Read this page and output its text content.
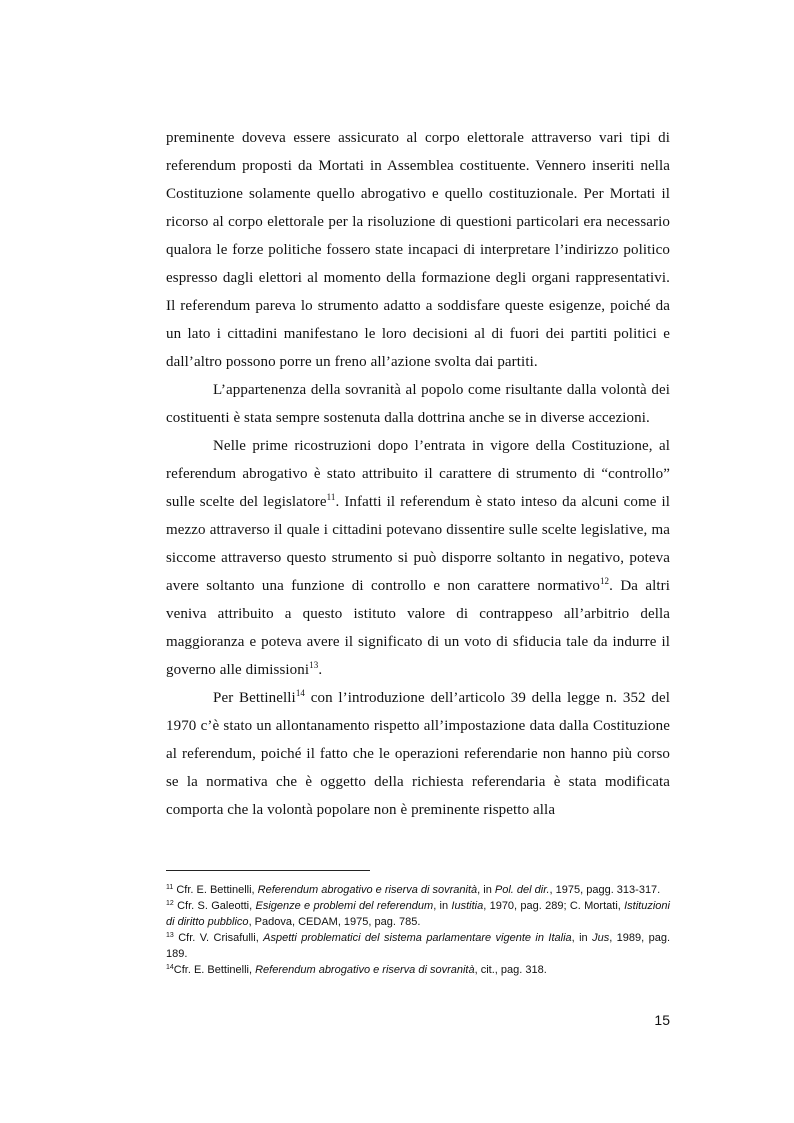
preminente doveva essere assicurato al corpo elettorale attraverso vari tipi di referendum proposti da Mortati in Assemblea costituente. Vennero inseriti nella Costituzione solamente quello abrogativo e quello costituzionale. Per Mortati il ricorso al corpo elettorale per la risoluzione di questioni particolari era necessario qualora le forze politiche fossero state incapaci di interpretare l’indirizzo politico espresso dagli elettori al momento della formazione degli organi rappresentativi. Il referendum pareva lo strumento adatto a soddisfare queste esigenze, poiché da un lato i cittadini manifestano le loro decisioni al di fuori dei partiti politici e dall’altro possono porre un freno all’azione svolta dai partiti.

L’appartenenza della sovranità al popolo come risultante dalla volontà dei costituenti è stata sempre sostenuta dalla dottrina anche se in diverse accezioni.

Nelle prime ricostruzioni dopo l’entrata in vigore della Costituzione, al referendum abrogativo è stato attribuito il carattere di strumento di “controllo” sulle scelte del legislatore$^{11}$. Infatti il referendum è stato inteso da alcuni come il mezzo attraverso il quale i cittadini potevano dissentire sulle scelte legislative, ma siccome attraverso questo strumento si può disporre soltanto in negativo, poteva avere soltanto una funzione di controllo e non carattere normativo$^{12}$. Da altri veniva attribuito a questo istituto valore di contrappeso all’arbitrio della maggioranza e poteva avere il significato di un voto di sfiducia tale da indurre il governo alle dimissioni$^{13}$.

Per Bettinelli$^{14}$ con l’introduzione dell’articolo 39 della legge n. 352 del 1970 c’è stato un allontanamento rispetto all’impostazione data dalla Costituzione al referendum, poiché il fatto che le operazioni referendarie non hanno più corso se la normativa che è oggetto della richiesta referendaria è stata modificata comporta che la volontà popolare non è preminente rispetto alla

$^{11}$ Cfr. E. Bettinelli, Referendum abrogativo e riserva di sovranità, in Pol. del dir., 1975, pagg. 313-317.

$^{12}$ Cfr. S. Galeotti, Esigenze e problemi del referendum, in Iustitia, 1970, pag. 289; C. Mortati, Istituzioni di diritto pubblico, Padova, CEDAM, 1975, pag. 785.

$^{13}$ Cfr. V. Crisafulli, Aspetti problematici del sistema parlamentare vigente in Italia, in Jus, 1989, pag. 189.

$^{14}$Cfr. E. Bettinelli, Referendum abrogativo e riserva di sovranità, cit., pag. 318.

15
